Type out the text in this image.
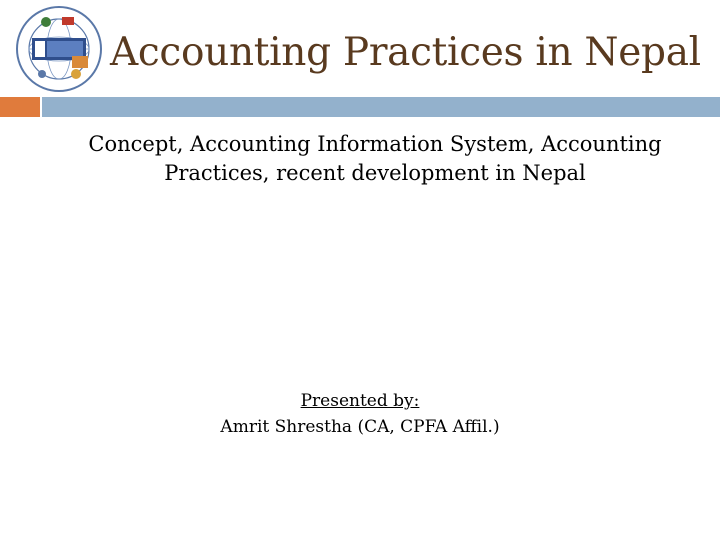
Accounting Practices in Nepal
Concept, Accounting Information System, Accounting
Practices, recent development in Nepal
Presented by:
Amrit Shrestha (CA, CPFA Affil.)
